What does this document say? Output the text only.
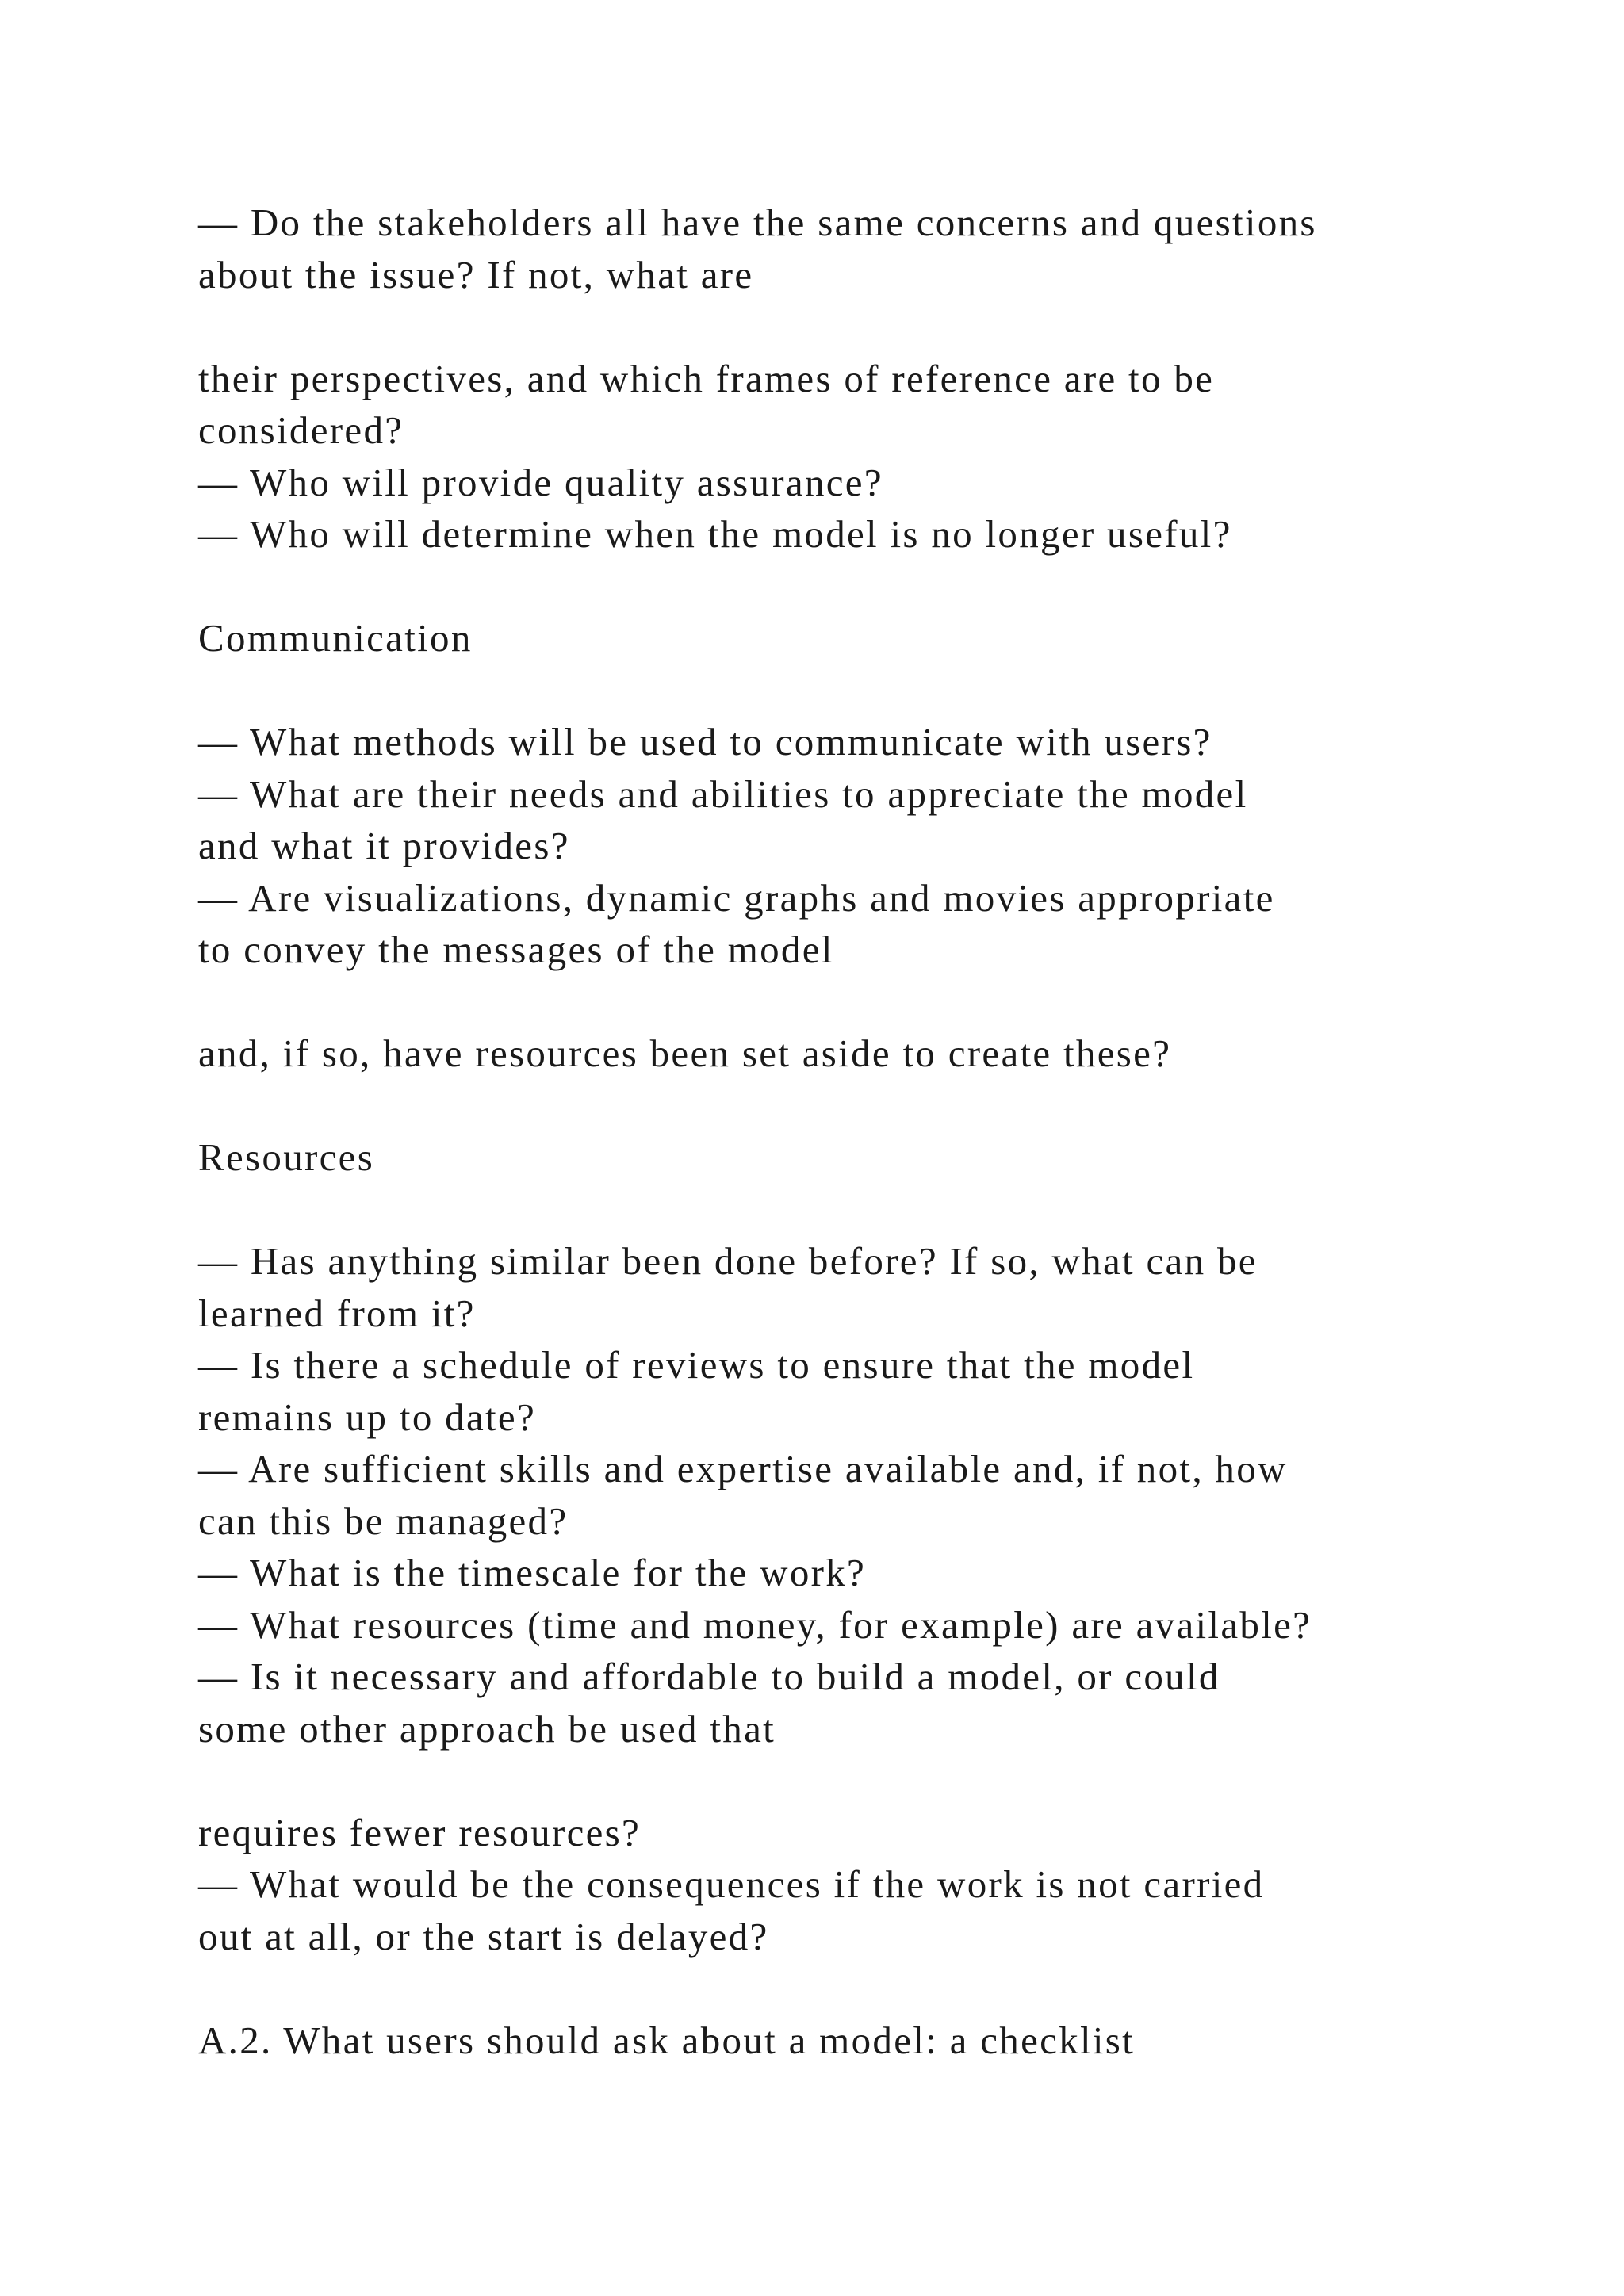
— Do the stakeholders all have the same concerns and questions
about the issue? If not, what are
their perspectives, and which frames of reference are to be
considered?
— Who will provide quality assurance?
— Who will determine when the model is no longer useful?
Communication
— What methods will be used to communicate with users?
— What are their needs and abilities to appreciate the model
and what it provides?
— Are visualizations, dynamic graphs and movies appropriate
to convey the messages of the model
and, if so, have resources been set aside to create these?
Resources
— Has anything similar been done before? If so, what can be
learned from it?
— Is there a schedule of reviews to ensure that the model
remains up to date?
— Are sufficient skills and expertise available and, if not, how
can this be managed?
— What is the timescale for the work?
— What resources (time and money, for example) are available?
— Is it necessary and affordable to build a model, or could
some other approach be used that
requires fewer resources?
— What would be the consequences if the work is not carried
out at all, or the start is delayed?
A.2. What users should ask about a model: a checklist
